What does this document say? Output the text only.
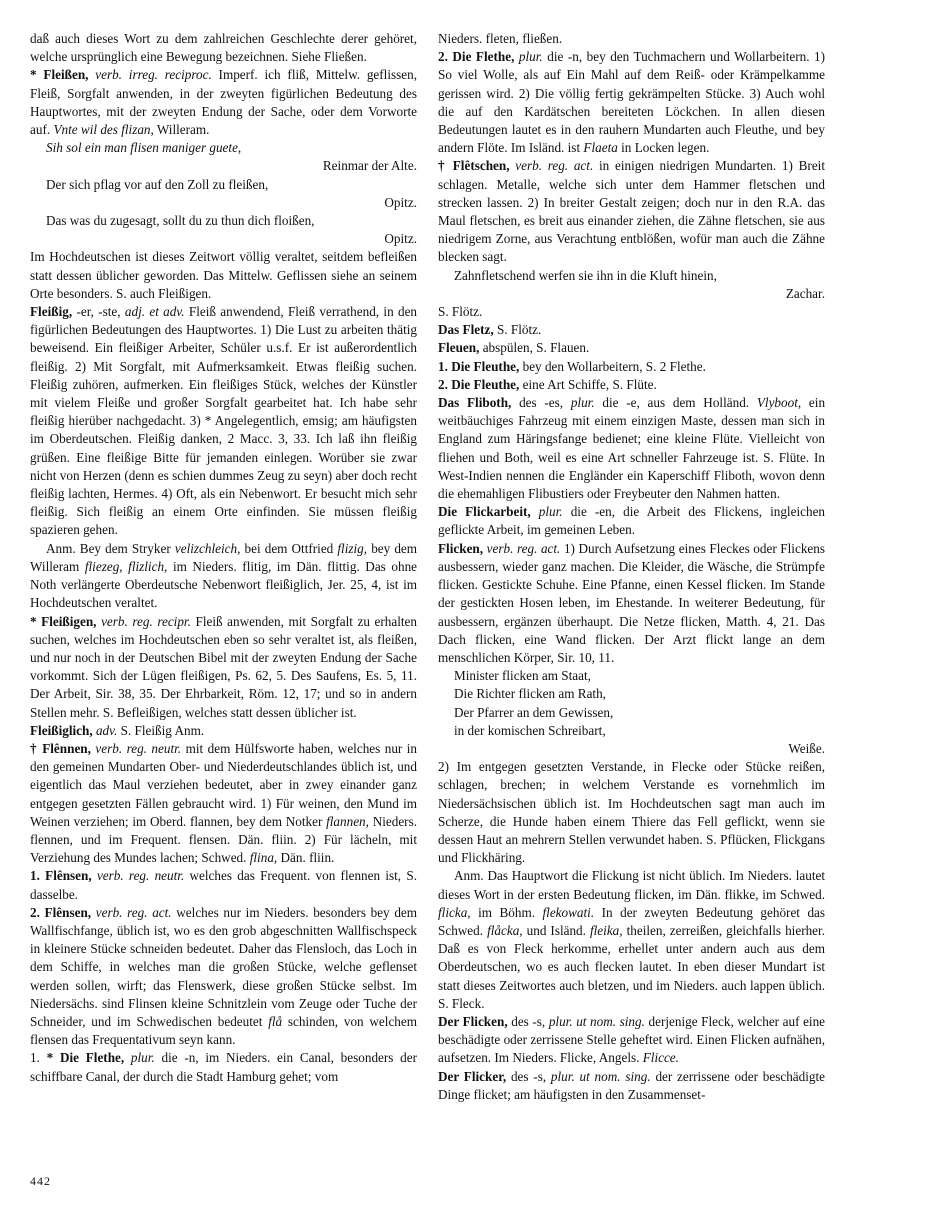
daß auch dieses Wort zu dem zahlreichen Geschlechte derer gehöret, welche ursprünglich eine Bewegung bezeichnen. Siehe Fließen.

* Fleißen, verb. irreg. reciproc. Imperf. ich fliß, Mittelw. geflissen, Fleiß, Sorgfalt anwenden, in der zweyten figürlichen Bedeutung des Hauptwortes, mit der zweyten Endung der Sache, oder dem Vorworte auf. Vnte wil des flizan, Willeram.

Sih sol ein man flisen maniger guete,

Reinmar der Alte.

Der sich pflag vor auf den Zoll zu fleißen,

Opitz.

Das was du zugesagt, sollt du zu thun dich floißen,

Opitz.

Im Hochdeutschen ist dieses Zeitwort völlig veraltet, seitdem befleißen statt dessen üblicher geworden. Das Mittelw. Geflissen siehe an seinem Orte besonders. S. auch Fleißigen.

Fleißig, -er, -ste, adj. et adv. Fleiß anwendend, Fleiß verrathend, in den figürlichen Bedeutungen des Hauptwortes. 1) Die Lust zu arbeiten thätig beweisend. Ein fleißiger Arbeiter, Schüler u.s.f. Er ist außerordentlich fleißig. 2) Mit Sorgfalt, mit Aufmerksamkeit. Etwas fleißig suchen. Fleißig zuhören, aufmerken. Ein fleißiges Stück, welches der Künstler mit vielem Fleiße und großer Sorgfalt gearbeitet hat. Ich habe sehr fleißig hierüber nachgedacht. 3) * Angelegentlich, emsig; am häufigsten im Oberdeutschen. Fleißig danken, 2 Macc. 3, 33. Ich laß ihn fleißig grüßen. Eine fleißige Bitte für jemanden einlegen. Worüber sie zwar nicht von Herzen (denn es schien dummes Zeug zu seyn) aber doch recht fleißig lachten, Hermes. 4) Oft, als ein Nebenwort. Er besucht mich sehr fleißig. Sich fleißig an einem Orte einfinden. Sie müssen fleißig spazieren gehen.

Anm. Bey dem Stryker velizchleich, bei dem Ottfried flizig, bey dem Willeram fliezeg, flizlich, im Nieders. flitig, im Dän. flittig. Das ohne Noth verlängerte Oberdeutsche Nebenwort fleißiglich, Jer. 25, 4, ist im Hochdeutschen veraltet.

* Fleißigen, verb. reg. recipr. Fleiß anwenden, mit Sorgfalt zu erhalten suchen, welches im Hochdeutschen eben so sehr veraltet ist, als fleißen, und nur noch in der Deutschen Bibel mit der zweyten Endung der Sache vorkommt. Sich der Lügen fleißigen, Ps. 62, 5. Des Saufens, Es. 5, 11. Der Arbeit, Sir. 38, 35. Der Ehrbarkeit, Röm. 12, 17; und so in andern Stellen mehr. S. Befleißigen, welches statt dessen üblicher ist.

Fleißiglich, adv. S. Fleißig Anm.

† Flênnen, verb. reg. neutr. mit dem Hülfsworte haben, welches nur in den gemeinen Mundarten Ober- und Niederdeutschlandes üblich ist, und eigentlich das Maul verziehen bedeutet, aber in zwey einander ganz entgegen gesetzten Fällen gebraucht wird. 1) Für weinen, den Mund im Weinen verziehen; im Oberd. flannen, bey dem Notker flannen, Nieders. flennen, und im Frequent. flensen. Dän. fliin. 2) Für lächeln, mit Verziehung des Mundes lachen; Schwed. flina, Dän. fliin.

1. Flênsen, verb. reg. neutr. welches das Frequent. von flennen ist, S. dasselbe.

2. Flênsen, verb. reg. act. welches nur im Nieders. besonders bey dem Wallfischfange, üblich ist, wo es den grob abgeschnitten Wallfischspeck in kleinere Stücke schneiden bedeutet. Daher das Flensloch, das Loch in dem Schiffe, in welches man die großen Stücke, welche geflenset werden sollen, wirft; das Flenswerk, diese großen Stücke selbst. Im Niedersächs. sind Flinsen kleine Schnitzlein vom Zeuge oder Tuche der Schneider, und im Schwedischen bedeutet flå schinden, von welchem flensen das Frequentativum seyn kann.

1. * Die Flethe, plur. die -n, im Nieders. ein Canal, besonders der schiffbare Canal, der durch die Stadt Hamburg gehet; vom

Nieders. fleten, fließen.

2. Die Flethe, plur. die -n, bey den Tuchmachern und Wollarbeitern. 1) So viel Wolle, als auf Ein Mahl auf dem Reiß- oder Krämpelkamme gerissen wird. 2) Die völlig fertig gekrämpelten Stücke. 3) Auch wohl die auf den Kardätschen bereiteten Löckchen. In allen diesen Bedeutungen lautet es in den rauhern Mundarten auch Fleuthe, und bey andern Flöte. Im Isländ. ist Flaeta in Locken legen.

† Flêtschen, verb. reg. act. in einigen niedrigen Mundarten. 1) Breit schlagen. Metalle, welche sich unter dem Hammer fletschen und strecken lassen. 2) In breiter Gestalt zeigen; doch nur in den R.A. das Maul fletschen, es breit aus einander ziehen, die Zähne fletschen, sie aus niedrigem Zorne, aus Verachtung entblößen, wofür man auch die Zähne blecken sagt.

Zahnfletschend werfen sie ihn in die Kluft hinein,

Zachar.

S. Flötz.

Das Fletz, S. Flötz.

Fleuen, abspülen, S. Flauen.

1. Die Fleuthe, bey den Wollarbeitern, S. 2 Flethe.

2. Die Fleuthe, eine Art Schiffe, S. Flüte.

Das Fliboth, des -es, plur. die -e, aus dem Holländ. Vlyboot, ein weitbäuchiges Fahrzeug mit einem einzigen Maste, dessen man sich in England zum Häringsfange bedienet; eine kleine Flüte. Vielleicht von fliehen und Both, weil es eine Art schneller Fahrzeuge ist. S. Flüte. In West-Indien nennen die Engländer ein Kaperschiff Fliboth, wovon denn die ehemahligen Flibustiers oder Freybeuter den Nahmen hatten.

Die Flickarbeit, plur. die -en, die Arbeit des Flickens, ingleichen geflickte Arbeit, im gemeinen Leben.

Flicken, verb. reg. act. 1) Durch Aufsetzung eines Fleckes oder Flickens ausbessern, wieder ganz machen. Die Kleider, die Wäsche, die Strümpfe flicken. Gestickte Schuhe. Eine Pfanne, einen Kessel flicken. Im Stande der gestickten Hosen leben, im Ehestande. In weiterer Bedeutung, für ausbessern, ergänzen überhaupt. Die Netze flicken, Matth. 4, 21. Das Dach flicken, eine Wand flicken. Der Arzt flickt lange an dem menschlichen Körper, Sir. 10, 11.

Minister flicken am Staat,

Die Richter flicken am Rath,

Der Pfarrer an dem Gewissen,

in der komischen Schreibart,

Weiße.

2) Im entgegen gesetzten Verstande, in Flecke oder Stücke reißen, schlagen, brechen; in welchem Verstande es vornehmlich im Niedersächsischen üblich ist. Im Hochdeutschen sagt man auch im Scherze, die Hunde haben einem Thiere das Fell geflickt, wenn sie dessen Haut an mehrern Stellen verwundet haben. S. Pflücken, Flickgans und Flickhäring.

Anm. Das Hauptwort die Flickung ist nicht üblich. Im Nieders. lautet dieses Wort in der ersten Bedeutung flicken, im Dän. flikke, im Schwed. flicka, im Böhm. flekowati. In der zweyten Bedeutung gehöret das Schwed. flåcka, und Isländ. fleika, theilen, zerreißen, gleichfalls hierher. Daß es von Fleck herkomme, erhellet unter andern auch aus dem Oberdeutschen, wo es auch flecken lautet. In eben dieser Mundart ist statt dieses Zeitwortes auch bletzen, und im Nieders. auch lappen üblich. S. Fleck.

Der Flicken, des -s, plur. ut nom. sing. derjenige Fleck, welcher auf eine beschädigte oder zerrissene Stelle geheftet wird. Einen Flicken aufnähen, aufsetzen. Im Nieders. Flicke, Angels. Flicce.

Der Flicker, des -s, plur. ut nom. sing. der zerrissene oder beschädigte Dinge flicket; am häufigsten in den Zusammenset-

442
